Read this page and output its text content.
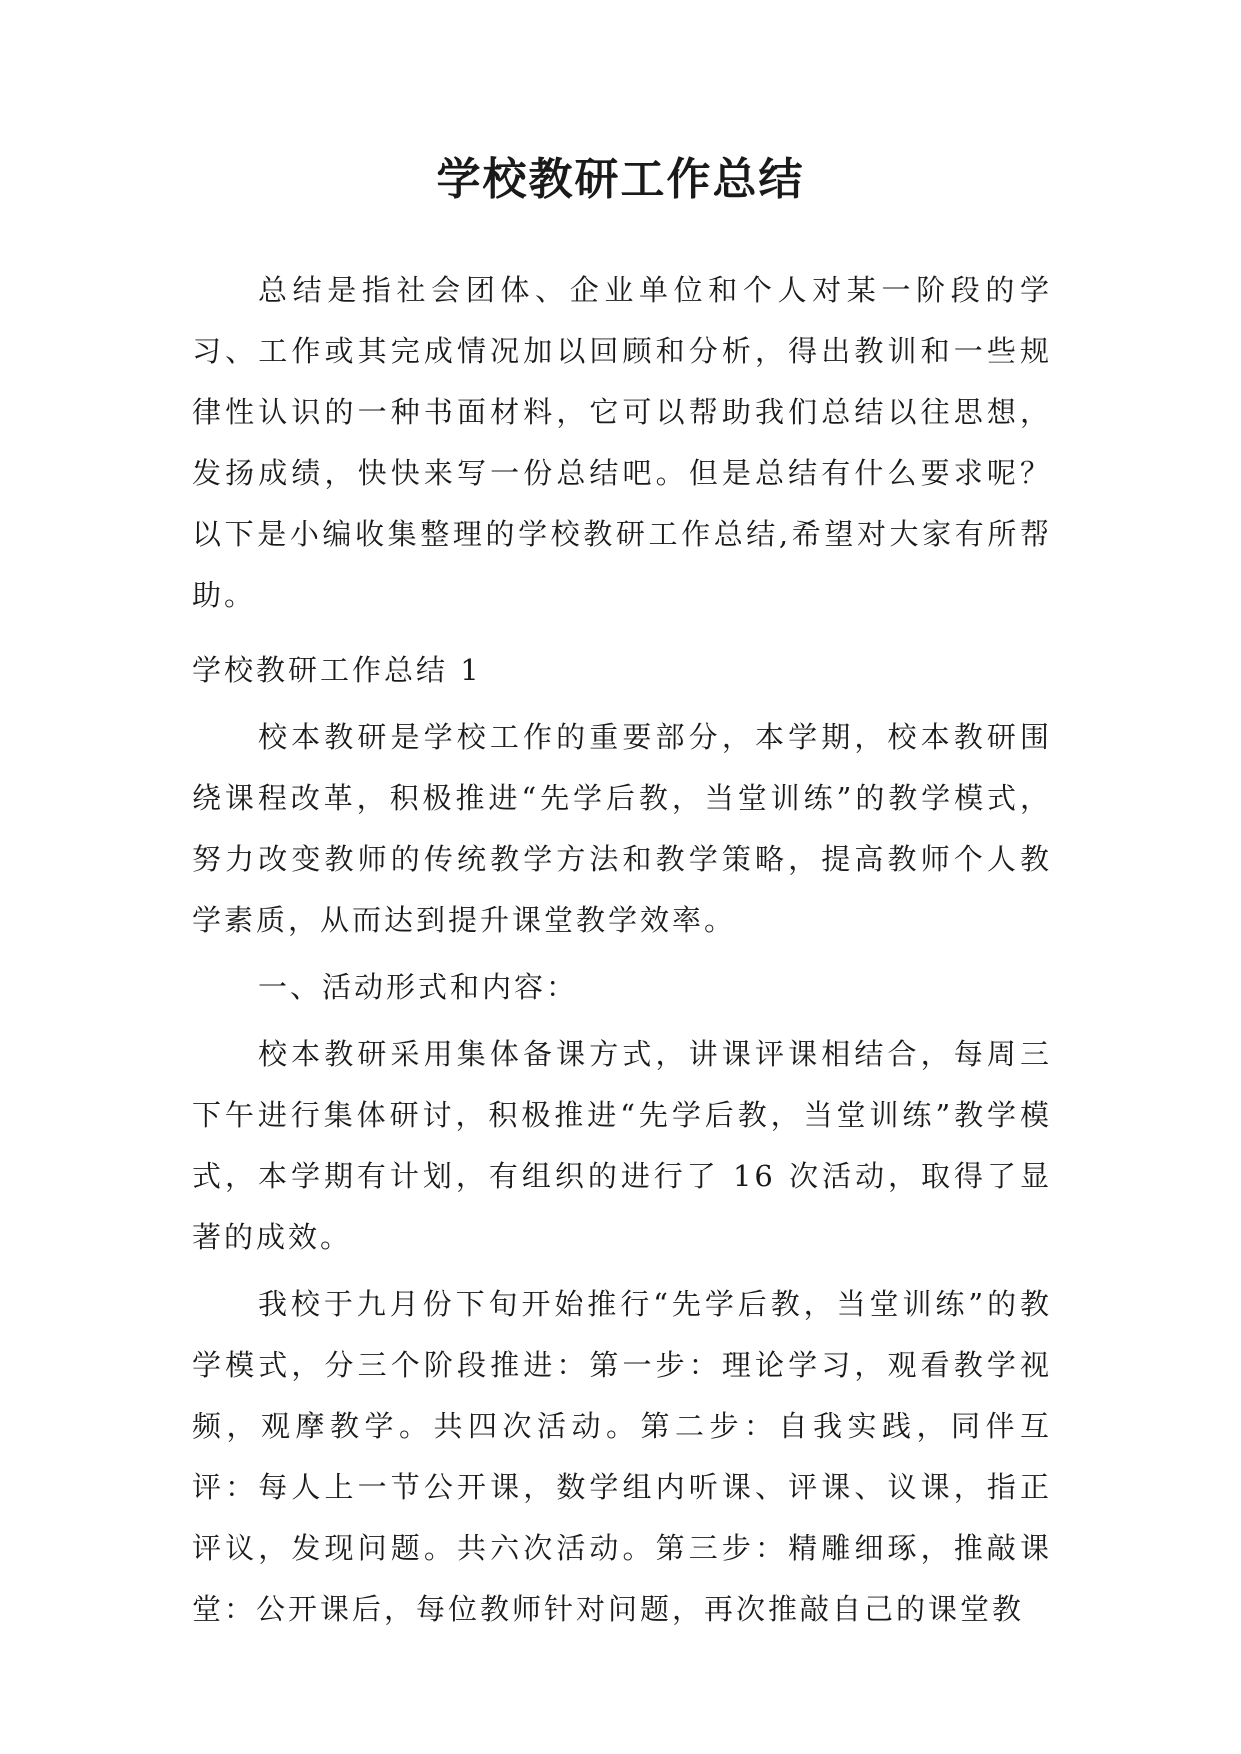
学校教研工作总结

总结是指社会团体、企业单位和个人对某一阶段的学习、工作或其完成情况加以回顾和分析，得出教训和一些规律性认识的一种书面材料，它可以帮助我们总结以往思想，发扬成绩，快快来写一份总结吧。但是总结有什么要求呢？以下是小编收集整理的学校教研工作总结,希望对大家有所帮助。

学校教研工作总结 1

校本教研是学校工作的重要部分，本学期，校本教研围绕课程改革，积极推进“先学后教，当堂训练”的教学模式，努力改变教师的传统教学方法和教学策略，提高教师个人教学素质，从而达到提升课堂教学效率。

一、活动形式和内容：

校本教研采用集体备课方式，讲课评课相结合，每周三下午进行集体研讨，积极推进“先学后教，当堂训练”教学模式，本学期有计划，有组织的进行了 16 次活动，取得了显著的成效。

我校于九月份下旬开始推行“先学后教，当堂训练”的教学模式，分三个阶段推进：第一步：理论学习，观看教学视频，观摩教学。共四次活动。第二步：自我实践，同伴互评：每人上一节公开课，数学组内听课、评课、议课，指正评议，发现问题。共六次活动。第三步：精雕细琢，推敲课堂：公开课后，每位教师针对问题，再次推敲自己的课堂教
